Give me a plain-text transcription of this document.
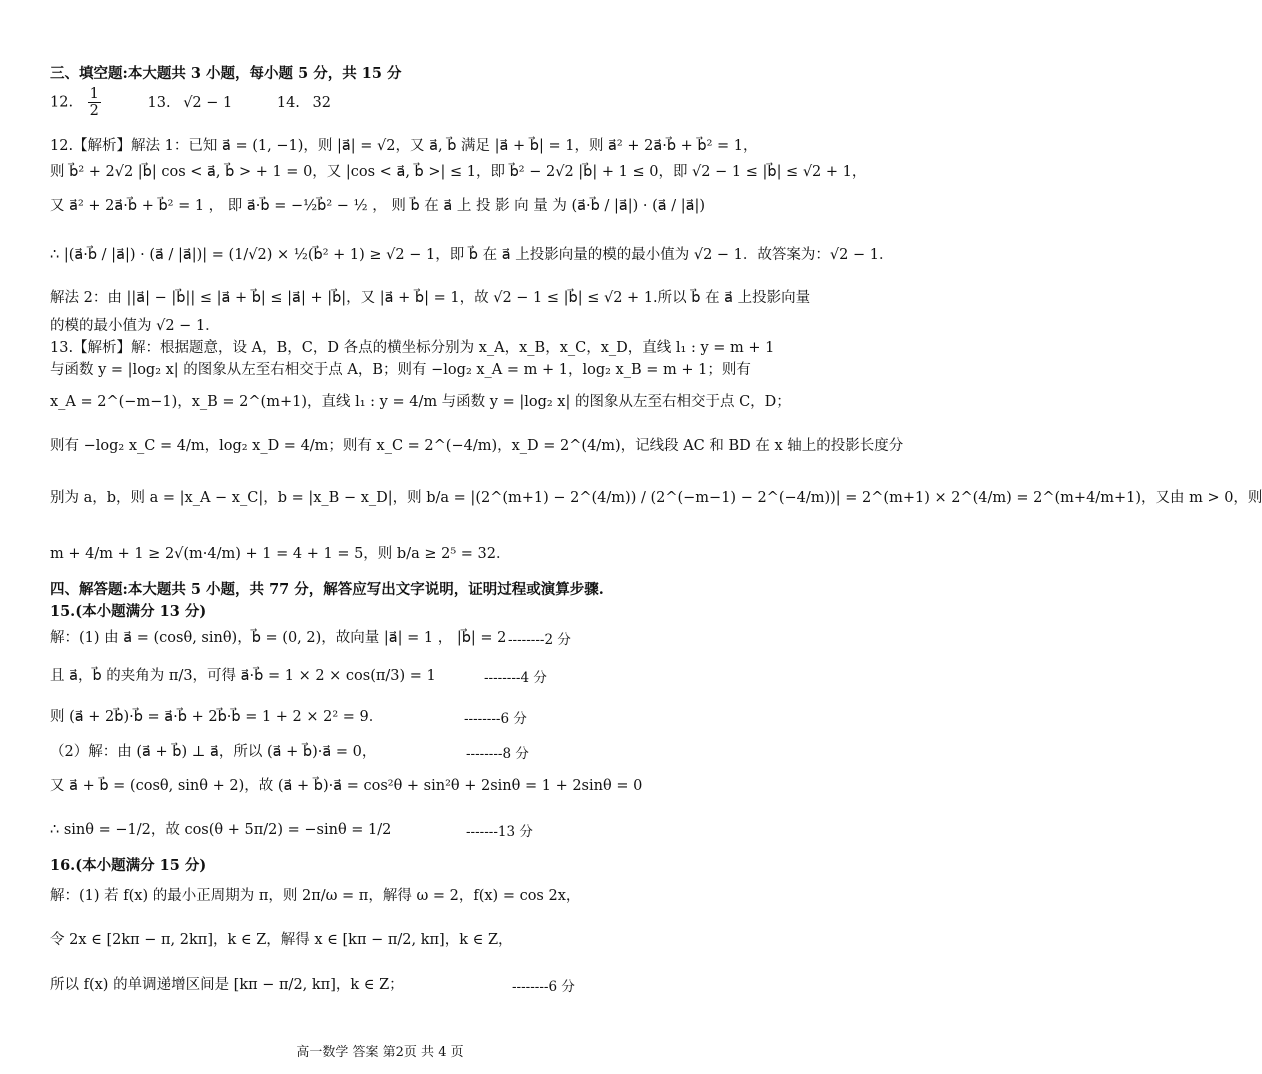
三、填空题:本大题共 3 小题，每小题 5 分，共 15 分
12. $\frac{1}{2}$	13. √2 − 1	14. 32
12.【解析】解法 1：已知 a⃗ = (1, −1)，则 |a⃗| = √2，又 a⃗, b⃗ 满足 |a⃗ + b⃗| = 1，则 a⃗² + 2a⃗·b⃗ + b⃗² = 1，
则 b⃗² + 2√2 |b⃗| cos < a⃗, b⃗ > + 1 = 0，又 |cos < a⃗, b⃗ >| ≤ 1，即 b⃗² − 2√2 |b⃗| + 1 ≤ 0，即 √2 − 1 ≤ |b⃗| ≤ √2 + 1，
又 a⃗² + 2a⃗·b⃗ + b⃗² = 1 ， 即 a⃗·b⃗ = −½b⃗² − ½ ， 则 b⃗ 在 a⃗ 上 投 影 向 量 为 (a⃗·b⃗ / |a⃗|) · (a⃗ / |a⃗|)
∴ |(a⃗·b⃗ / |a⃗|) · (a⃗ / |a⃗|)| = (1/√2) × ½(b⃗² + 1) ≥ √2 − 1，即 b⃗ 在 a⃗ 上投影向量的模的最小值为 √2 − 1．故答案为：√2 − 1．
解法 2：由 ||a⃗| − |b⃗|| ≤ |a⃗ + b⃗| ≤ |a⃗| + |b⃗|，又 |a⃗ + b⃗| = 1，故 √2 − 1 ≤ |b⃗| ≤ √2 + 1.所以 b⃗ 在 a⃗ 上投影向量
的模的最小值为 √2 − 1．
13.【解析】解：根据题意，设 A，B，C，D 各点的横坐标分别为 x_A，x_B，x_C，x_D，直线 l₁ : y = m + 1
与函数 y = |log₂ x| 的图象从左至右相交于点 A，B；则有 −log₂ x_A = m + 1，log₂ x_B = m + 1；则有
x_A = 2^(−m−1)，x_B = 2^(m+1)，直线 l₁ : y = 4/m 与函数 y = |log₂ x| 的图象从左至右相交于点 C，D；
则有 −log₂ x_C = 4/m，log₂ x_D = 4/m；则有 x_C = 2^(−4/m)，x_D = 2^(4/m)，记线段 AC 和 BD 在 x 轴上的投影长度分
别为 a，b，则 a = |x_A − x_C|，b = |x_B − x_D|，则 b/a = |(2^(m+1) − 2^(4/m)) / (2^(−m−1) − 2^(−4/m))| = 2^(m+1) × 2^(4/m) = 2^(m+4/m+1)，又由 m > 0，则
m + 4/m + 1 ≥ 2√(m·4/m) + 1 = 4 + 1 = 5，则 b/a ≥ 2⁵ = 32．
四、解答题:本大题共 5 小题，共 77 分，解答应写出文字说明，证明过程或演算步骤.
15.(本小题满分 13 分)
解：(1) 由 a⃗ = (cosθ, sinθ)，b⃗ = (0, 2)，故向量 |a⃗| = 1 ， |b⃗| = 2 --------2 分
且 a⃗，b⃗ 的夹角为 π/3，可得 a⃗·b⃗ = 1 × 2 × cos(π/3) = 1	--------4 分
则 (a⃗ + 2b⃗)·b⃗ = a⃗·b⃗ + 2b⃗·b⃗ = 1 + 2 × 2² = 9．	--------6 分
（2）解：由 (a⃗ + b⃗) ⊥ a⃗，所以 (a⃗ + b⃗)·a⃗ = 0，	--------8 分
又 a⃗ + b⃗ = (cosθ, sinθ + 2)，故 (a⃗ + b⃗)·a⃗ = cos²θ + sin²θ + 2sinθ = 1 + 2sinθ = 0
∴ sinθ = −1/2，故 cos(θ + 5π/2) = −sinθ = 1/2	-------13 分
16.(本小题满分 15 分)
解：(1) 若 f(x) 的最小正周期为 π，则 2π/ω = π，解得 ω = 2，f(x) = cos 2x，
令 2x ∈ [2kπ − π, 2kπ]，k ∈ Z，解得 x ∈ [kπ − π/2, kπ]，k ∈ Z，
所以 f(x) 的单调递增区间是 [kπ − π/2, kπ]，k ∈ Z；	--------6 分
高一数学 答案 第2页 共 4 页
